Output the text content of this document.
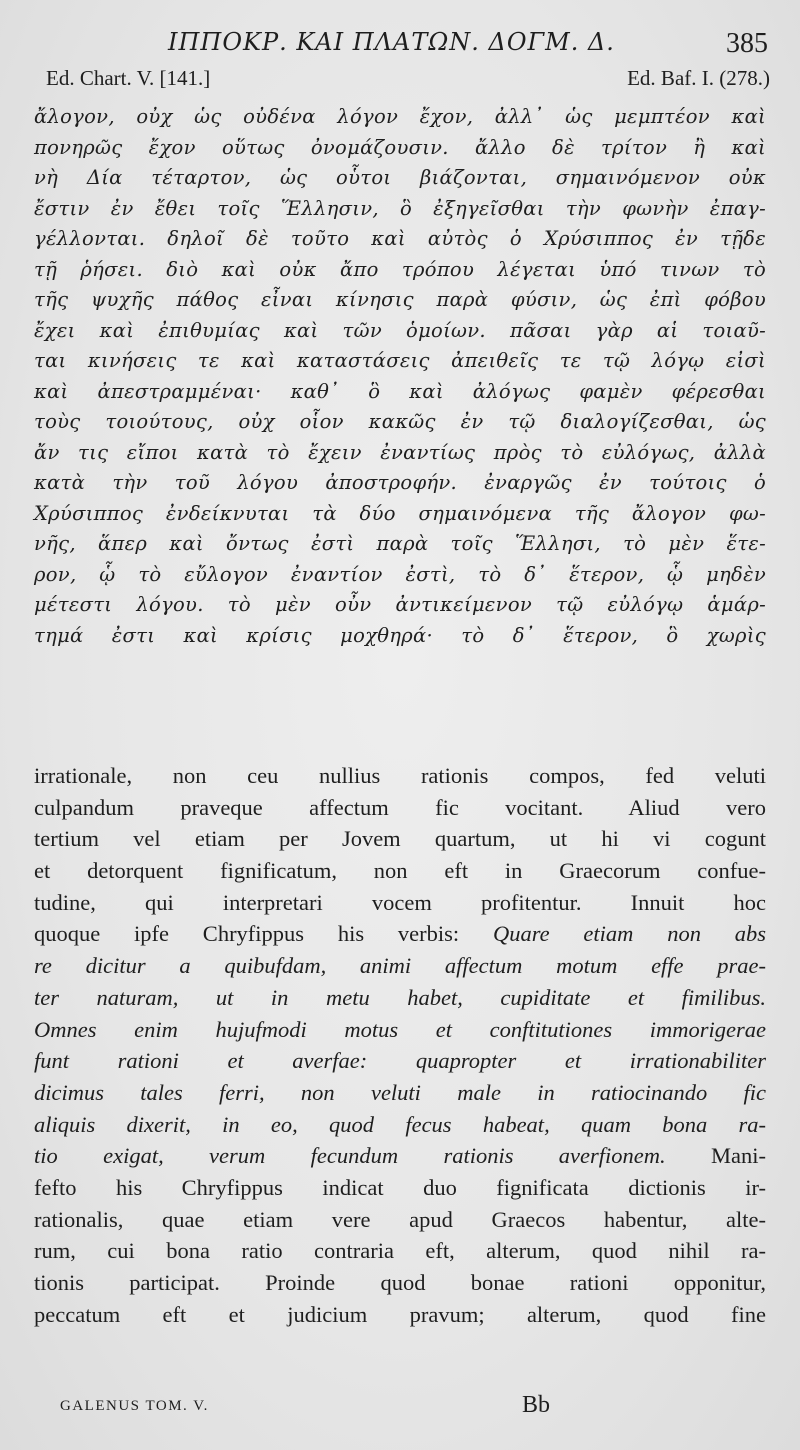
ΙΠΠΟΚΡ. ΚΑΙ ΠΛΑΤΩΝ. ΔΟΓΜ. Δ.	385
Ed. Chart. V. [141.]	Ed. Baf. I. (278.)
ἄλογον, οὐχ ὡς οὐδένα λόγον ἔχον, ἀλλ᾽ ὡς μεμπτέον καὶ
πονηρῶς ἔχον οὕτως ὀνομάζουσιν. ἄλλο δὲ τρίτον ἢ καὶ
νὴ Δία τέταρτον, ὡς οὗτοι βιάζονται, σημαινόμενον οὐκ
ἔστιν ἐν ἔθει τοῖς Ἕλλησιν, ὃ ἐξηγεῖσθαι τὴν φωνὴν ἐπαγ-
γέλλονται. δηλοῖ δὲ τοῦτο καὶ αὐτὸς ὁ Χρύσιππος ἐν τῇδε
τῇ ῥήσει. διὸ καὶ οὐκ ἄπο τρόπου λέγεται ὑπό τινων τὸ
τῆς ψυχῆς πάθος εἶναι κίνησις παρὰ φύσιν, ὡς ἐπὶ φόβου
ἔχει καὶ ἐπιθυμίας καὶ τῶν ὁμοίων. πᾶσαι γὰρ αἱ τοιαῦ-
ται κινήσεις τε καὶ καταστάσεις ἀπειθεῖς τε τῷ λόγῳ εἰσὶ
καὶ ἀπεστραμμέναι· καθ᾽ ὃ καὶ ἀλόγως φαμὲν φέρεσθαι
τοὺς τοιούτους, οὐχ οἷον κακῶς ἐν τῷ διαλογίζεσθαι, ὡς
ἄν τις εἴποι κατὰ τὸ ἔχειν ἐναντίως πρὸς τὸ εὐλόγως, ἀλλὰ
κατὰ τὴν τοῦ λόγου ἀποστροφήν. ἐναργῶς ἐν τούτοις ὁ
Χρύσιππος ἐνδείκνυται τὰ δύο σημαινόμενα τῆς ἄλογον φω-
νῆς, ἅπερ καὶ ὄντως ἐστὶ παρὰ τοῖς Ἕλλησι, τὸ μὲν ἕτε-
ρον, ᾧ τὸ εὔλογον ἐναντίον ἐστὶ, τὸ δ᾽ ἕτερον, ᾧ μηδὲν
μέτεστι λόγου. τὸ μὲν οὖν ἀντικείμενον τῷ εὐλόγῳ ἁμάρ-
τημά ἐστι καὶ κρίσις μοχθηρά· τὸ δ᾽ ἕτερον, ὃ χωρὶς
irrationale, non ceu nullius rationis compos, fed veluti
culpandum praveque affectum fic vocitant. Aliud vero
tertium vel etiam per Jovem quartum, ut hi vi cogunt
et detorquent fignificatum, non eft in Graecorum confue-
tudine, qui interpretari vocem profitentur. Innuit hoc
quoque ipfe Chryfippus his verbis: Quare etiam non abs
re dicitur a quibufdam, animi affectum motum effe prae-
ter naturam, ut in metu habet, cupiditate et fimilibus.
Omnes enim hujufmodi motus et conftitutiones immorigerae
funt rationi et averfae: quapropter et irrationabiliter
dicimus tales ferri, non veluti male in ratiocinando fic
aliquis dixerit, in eo, quod fecus habeat, quam bona ra-
tio exigat, verum fecundum rationis averfionem. Mani-
fefto his Chryfippus indicat duo fignificata dictionis ir-
rationalis, quae etiam vere apud Graecos habentur, alte-
rum, cui bona ratio contraria eft, alterum, quod nihil ra-
tionis participat. Proinde quod bonae rationi opponitur,
peccatum eft et judicium pravum; alterum, quod fine
GALENUS TOM. V.	Bb
